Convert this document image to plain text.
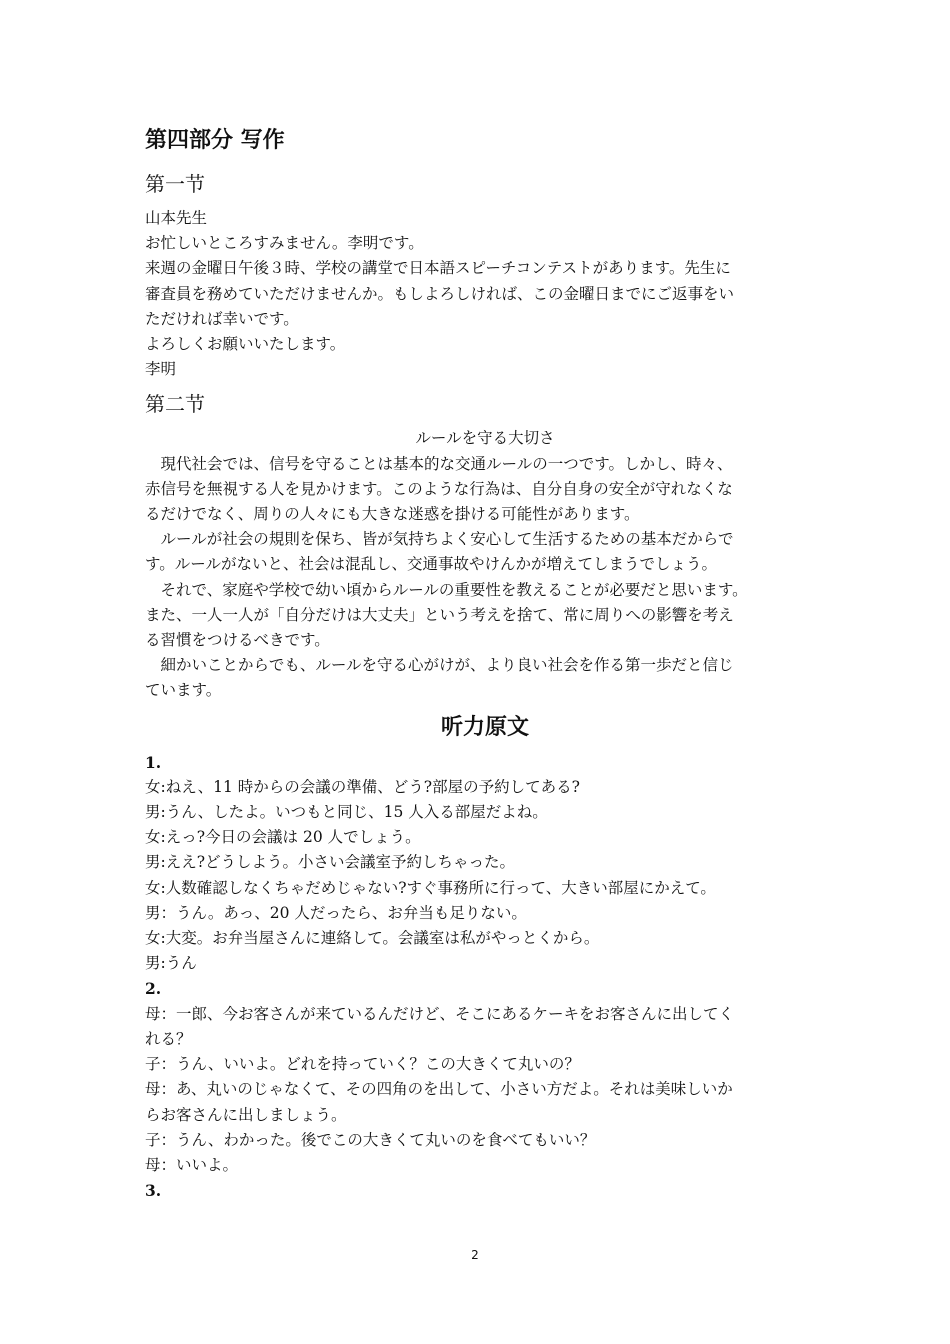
第四部分 写作
第一节
山本先生
お忙しいところすみません。李明です。
来週の金曜日午後３時、学校の講堂で日本語スピーチコンテストがあります。先生に
審査員を務めていただけませんか。もしよろしければ、この金曜日までにご返事をい
ただければ幸いです。
よろしくお願いいたします。
李明
第二节
ルールを守る大切さ
現代社会では、信号を守ることは基本的な交通ルールの一つです。しかし、時々、
赤信号を無視する人を見かけます。このような行為は、自分自身の安全が守れなくな
るだけでなく、周りの人々にも大きな迷惑を掛ける可能性があります。
ルールが社会の規則を保ち、皆が気持ちよく安心して生活するための基本だからで
す。ルールがないと、社会は混乱し、交通事故やけんかが増えてしまうでしょう。
それで、家庭や学校で幼い頃からルールの重要性を教えることが必要だと思います。
また、一人一人が「自分だけは大丈夫」という考えを捨て、常に周りへの影響を考え
る習慣をつけるべきです。
細かいことからでも、ルールを守る心がけが、より良い社会を作る第一歩だと信じ
ています。
听力原文
1.
女:ねえ、11 時からの会議の準備、どう?部屋の予約してある?
男:うん、したよ。いつもと同じ、15 人入る部屋だよね。
女:えっ?今日の会議は 20 人でしょう。
男:ええ?どうしよう。小さい会議室予約しちゃった。
女:人数確認しなくちゃだめじゃない?すぐ事務所に行って、大きい部屋にかえて。
男：うん。あっ、20 人だったら、お弁当も足りない。
女:大変。お弁当屋さんに連絡して。会議室は私がやっとくから。
男:うん
2.
母：一郎、今お客さんが来ているんだけど、そこにあるケーキをお客さんに出してく
れる？
子：うん、いいよ。どれを持っていく？この大きくて丸いの？
母：あ、丸いのじゃなくて、その四角のを出して、小さい方だよ。それは美味しいか
らお客さんに出しましょう。
子：うん、わかった。後でこの大きくて丸いのを食べてもいい？
母：いいよ。
3.
2
